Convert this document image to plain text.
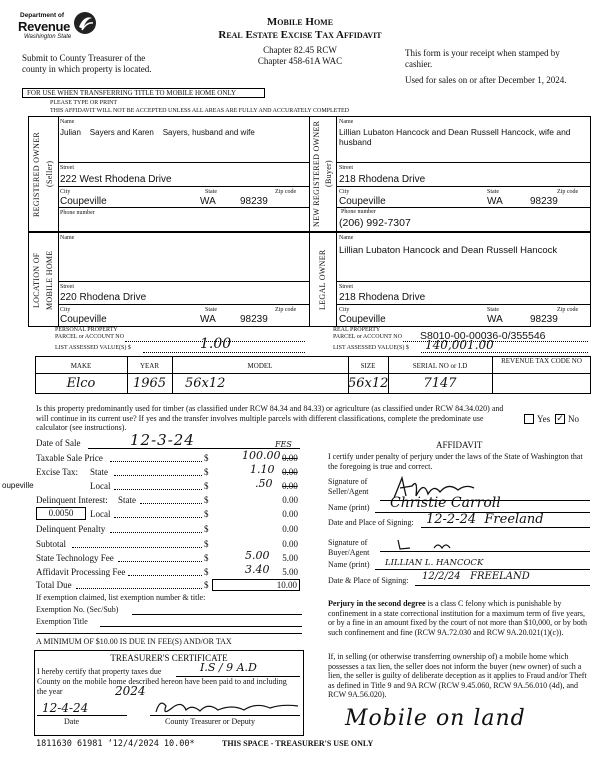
Department of
Revenue
Washington State
Mobile Home
Real Estate Excise Tax Affidavit
Chapter 82.45 RCW
Chapter 458-61A WAC
Submit to County Treasurer of the county in which property is located.
This form is your receipt when stamped by cashier.
Used for sales on or after December 1, 2024.
FOR USE WHEN TRANSFERRING TITLE TO MOBILE HOME ONLY
PLEASE TYPE OR PRINT
THIS AFFIDAVIT WILL NOT BE ACCEPTED UNLESS ALL AREAS ARE FULLY AND ACCURATELY COMPLETED
REGISTERED OWNER (Seller)	NEW REGISTERED OWNER (Buyer)
LOCATION OF MOBILE HOME	LEGAL OWNER
Name
Julian    Sayers and Karen    Sayers, husband and wife
Street
222 West Rhodena Drive
City	State	Zip code
Coupeville	WA 98239
Phone number
Name
Lillian Lubaton Hancock and Dean Russell Hancock, wife and husband
Street
218 Rhodena Drive
City	State	Zip code
Coupeville	WA	98239
Phone number
(206) 992-7307
Name
Street
220 Rhodena Drive
City	State	Zip code
Coupeville	WA 98239
Name
Lillian Lubaton Hancock and Dean Russell Hancock
Street
218 Rhodena Drive
City	State	Zip code
Coupeville	WA	98239
PERSONAL PROPERTY
PARCEL or ACCOUNT NO
LIST ASSESSED VALUE(S) $	1.00
REAL PROPERTY
PARCEL or ACCOUNT NO S8010-00-00036-0/355546
LIST ASSESSED VALUE(S) $ 140,001.00
MAKE	YEAR	MODEL	SIZE	SERIAL NO or I.D
REVENUE TAX CODE NO
Elco	1965	56x12	56x12	7147
Is this property predominantly used for timber (as classified under RCW 84.34 and 84.33) or agriculture (as classified under RCW 84.34.020) and will continue in its current use? If yes and the transfer involves multiple parcels with different classifications, complete the predominate use calculator (see instructions).
Yes ✓ No
Date of Sale	12-3-24
Taxable Sale Price	$	100.00 0.00
FES
Excise Tax: State	$	1.10 0.00
oupeville	Local	$	.50 0.00
Delinquent Interest: State	$	0.00
0.0050	Local	$	0.00
Delinquent Penalty	$	0.00
Subtotal	$	0.00
State Technology Fee	$	5.00	5.00
Affidavit Processing Fee	$	3.40	5.00
Total Due	$	10.00
If exemption claimed, list exemption number & title:
Exemption No. (Sec/Sub)
Exemption Title
A MINIMUM OF $10.00 IS DUE IN FEE(S) AND/OR TAX
TREASURER'S CERTIFICATE
I hereby certify that property taxes due	I.S / 9 A.D
County on the mobile home described hereon have been paid to and including the year	2024
12-4-24
Date	County Treasurer or Deputy
AFFIDAVIT
I certify under penalty of perjury under the laws of the State of Washington that the foregoing is true and correct.
Signature of Seller/Agent
Name (print) Christie Carroll
Date and Place of Signing: 12-2-24  Freeland
Signature of Buyer/Agent
Name (print) LILLIAN L. HANCOCK
Date & Place of Signing: 12/2/24   FREELAND
Perjury in the second degree is a class C felony which is punishable by confinement in a state correctional institution for a maximum term of five years, or by a fine in an amount fixed by the court of not more than $10,000, or by both such confinement and fine (RCW 9A.72.030 and RCW 9A.20.021(1)(c)).
If, in selling (or otherwise transferring ownership of) a mobile home which possesses a tax lien, the seller does not inform the buyer (new owner) of such a lien, the seller is guilty of deliberate deception as it applies to Fraud and/or Theft as defined in Title 9 and 9A RCW (RCW 9.45.060, RCW 9A.56.010 (4d), and RCW 9A.56.020).
Mobile on land
1811630 61981 ‘12/4/2024 10.00*	THIS SPACE - TREASURER'S USE ONLY
